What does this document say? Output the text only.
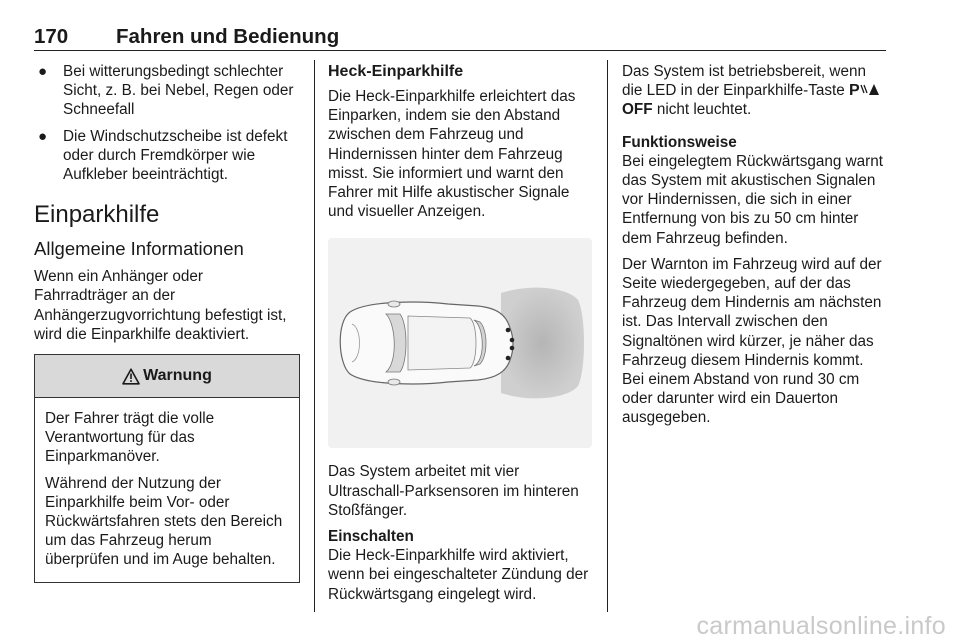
170 Fahren und Bedienung
● Bei witterungsbedingt schlechter Sicht, z. B. bei Nebel, Regen oder Schneefall
● Die Windschutzscheibe ist defekt oder durch Fremdkörper wie Aufkleber beeinträchtigt.
Einparkhilfe
Allgemeine Informationen

Wenn ein Anhänger oder Fahrradträger an der Anhängerzugvorrichtung befestigt ist, wird die Einparkhilfe deaktiviert.

Warnung

Der Fahrer trägt die volle Verantwortung für das Einparkmanöver.

Während der Nutzung der Einparkhilfe beim Vor- oder Rückwärtsfahren stets den Bereich um das Fahrzeug herum überprüfen und im Auge behalten.

Heck-Einparkhilfe

Die Heck-Einparkhilfe erleichtert das Einparken, indem sie den Abstand zwischen dem Fahrzeug und Hindernissen hinter dem Fahrzeug misst. Sie informiert und warnt den Fahrer mit Hilfe akustischer Signale und visueller Anzeigen.

Das System arbeitet mit vier Ultraschall-Parksensoren im hinteren Stoßfänger.

Einschalten

Die Heck-Einparkhilfe wird aktiviert, wenn bei eingeschalteter Zündung der Rückwärtsgang eingelegt wird.

Das System ist betriebsbereit, wenn die LED in der Einparkhilfe-Taste P
OFF nicht leuchtet.

Funktionsweise

Bei eingelegtem Rückwärtsgang warnt das System mit akustischen Signalen vor Hindernissen, die sich in einer Entfernung von bis zu 50 cm hinter dem Fahrzeug befinden.

Der Warnton im Fahrzeug wird auf der Seite wiedergegeben, auf der das Fahrzeug dem Hindernis am nächsten ist. Das Intervall zwischen den Signaltönen wird kürzer, je näher das Fahrzeug diesem Hindernis kommt. Bei einem Abstand von rund 30 cm oder darunter wird ein Dauerton ausgegeben.

carmanualsonline.info
